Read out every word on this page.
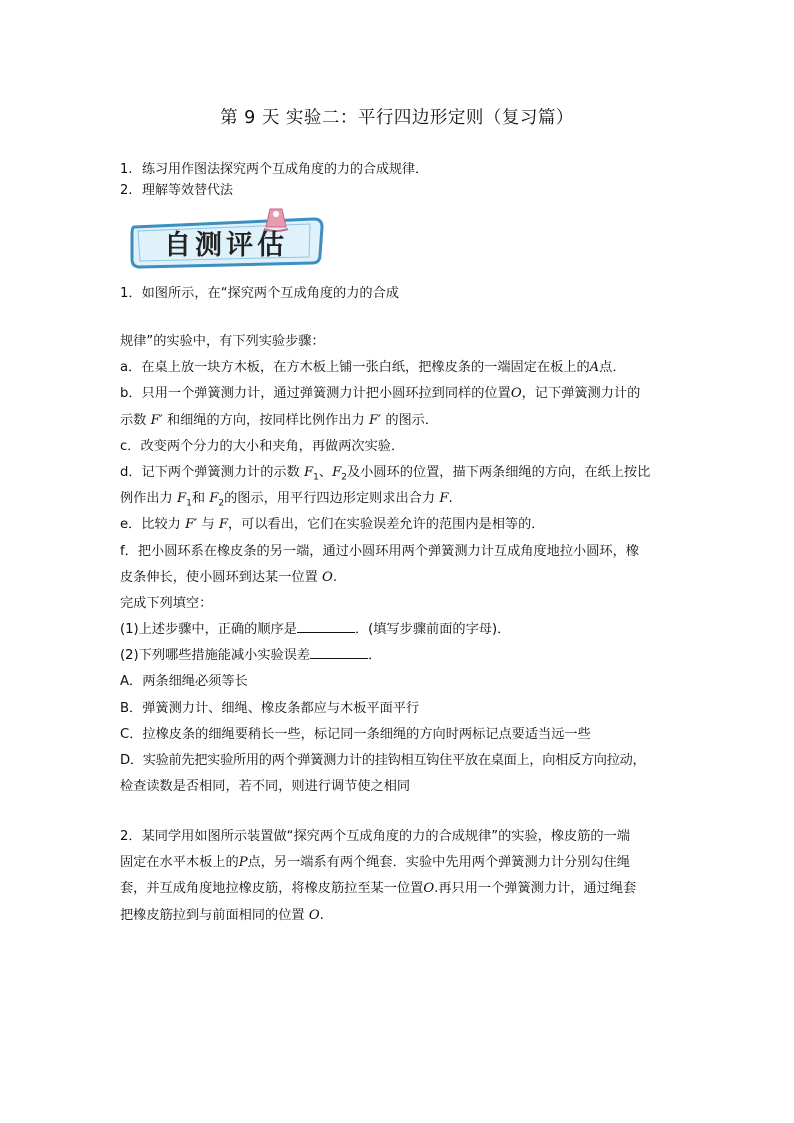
第 9 天 实验二：平行四边形定则（复习篇）
1. 练习用作图法探究两个互成角度的力的合成规律．
2. 理解等效替代法
自测评估
1．如图所示，在“探究两个互成角度的力的合成
规律”的实验中，有下列实验步骤：
a．在桌上放一块方木板，在方木板上铺一张白纸，把橡皮条的一端固定在板上的A点．
b．只用一个弹簧测力计，通过弹簧测力计把小圆环拉到同样的位置O，记下弹簧测力计的
示数 F′ 和细绳的方向，按同样比例作出力 F′ 的图示．
c．改变两个分力的大小和夹角，再做两次实验．
d．记下两个弹簧测力计的示数 $F_1$、$F_2$及小圆环的位置，描下两条细绳的方向，在纸上按比
例作出力 $F_1$和 $F_2$的图示，用平行四边形定则求出合力 F.
e．比较力 F′ 与 F，可以看出，它们在实验误差允许的范围内是相等的．
f．把小圆环系在橡皮条的另一端，通过小圆环用两个弹簧测力计互成角度地拉小圆环，橡
皮条伸长，使小圆环到达某一位置 O.
完成下列填空：
(1)上述步骤中，正确的顺序是	．(填写步骤前面的字母)．
(2)下列哪些措施能减小实验误差	．
A．两条细绳必须等长
B．弹簧测力计、细绳、橡皮条都应与木板平面平行
C．拉橡皮条的细绳要稍长一些，标记同一条细绳的方向时两标记点要适当远一些
D．实验前先把实验所用的两个弹簧测力计的挂钩相互钩住平放在桌面上，向相反方向拉动，
检查读数是否相同，若不同，则进行调节使之相同
2．某同学用如图所示装置做“探究两个互成角度的力的合成规律”的实验，橡皮筋的一端
固定在水平木板上的P点，另一端系有两个绳套．实验中先用两个弹簧测力计分别勾住绳
套，并互成角度地拉橡皮筋，将橡皮筋拉至某一位置O.再只用一个弹簧测力计，通过绳套
把橡皮筋拉到与前面相同的位置 O.
